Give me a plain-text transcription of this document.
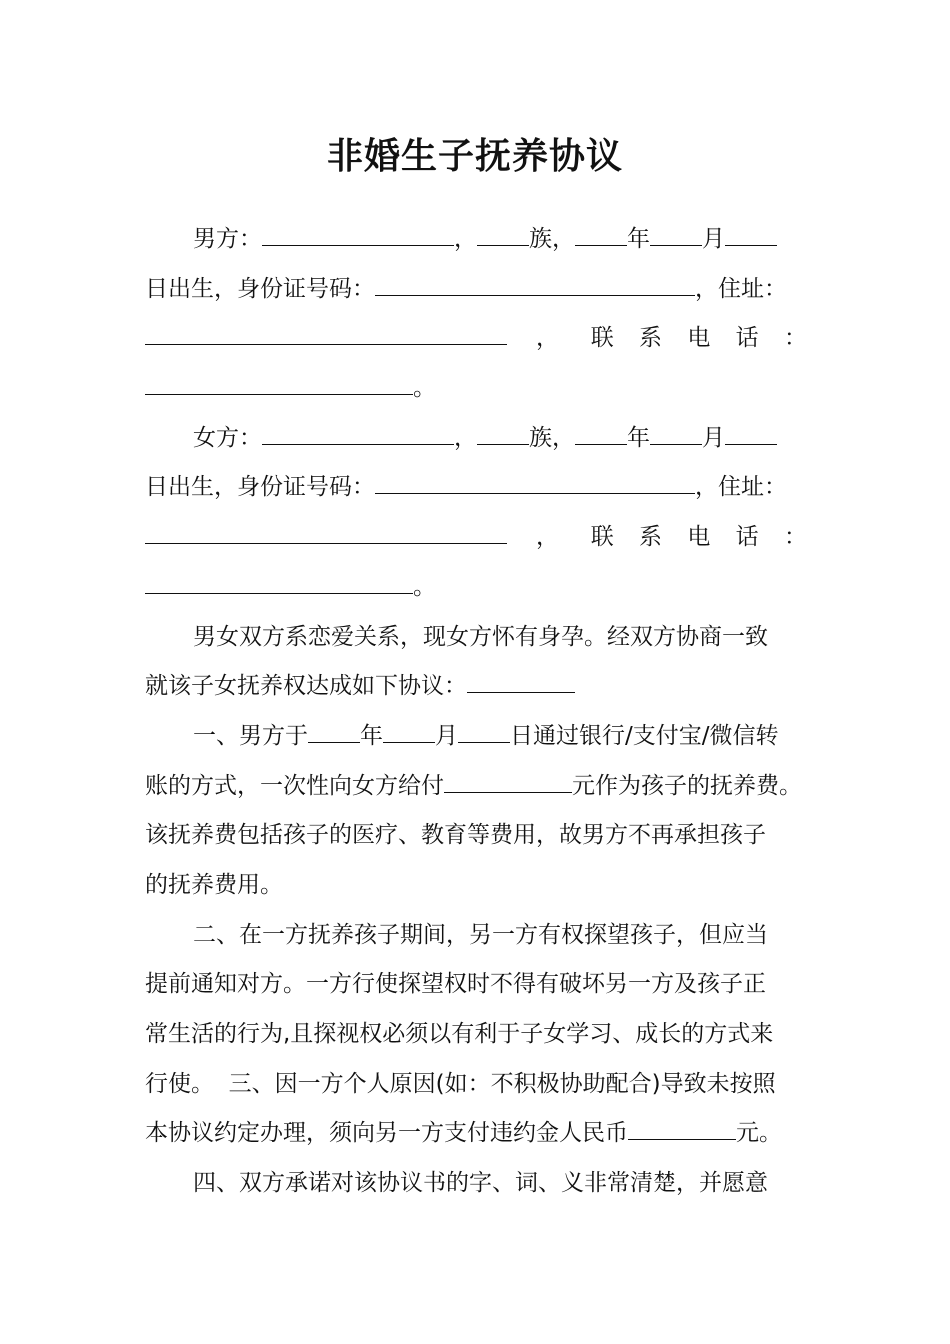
非婚生子抚养协议
男方：	， 族， 年 月
日出生，身份证号码：	，住址：
， 联 系 电 话 ：
。
女方：	， 族， 年 月
日出生，身份证号码：	，住址：
， 联 系 电 话 ：
。
男女双方系恋爱关系，现女方怀有身孕。经双方协商一致
就该子女抚养权达成如下协议：
一、男方于 年 月 日通过银行/支付宝/微信转
账的方式，一次性向女方给付	元作为孩子的抚养费。
该抚养费包括孩子的医疗、教育等费用，故男方不再承担孩子
的抚养费用。
二、在一方抚养孩子期间，另一方有权探望孩子，但应当
提前通知对方。一方行使探望权时不得有破坏另一方及孩子正
常生活的行为,且探视权必须以有利于子女学习、成长的方式来
行使。  三、因一方个人原因(如：不积极协助配合)导致未按照
本协议约定办理，须向另一方支付违约金人民币	元。
四、双方承诺对该协议书的字、词、义非常清楚，并愿意
